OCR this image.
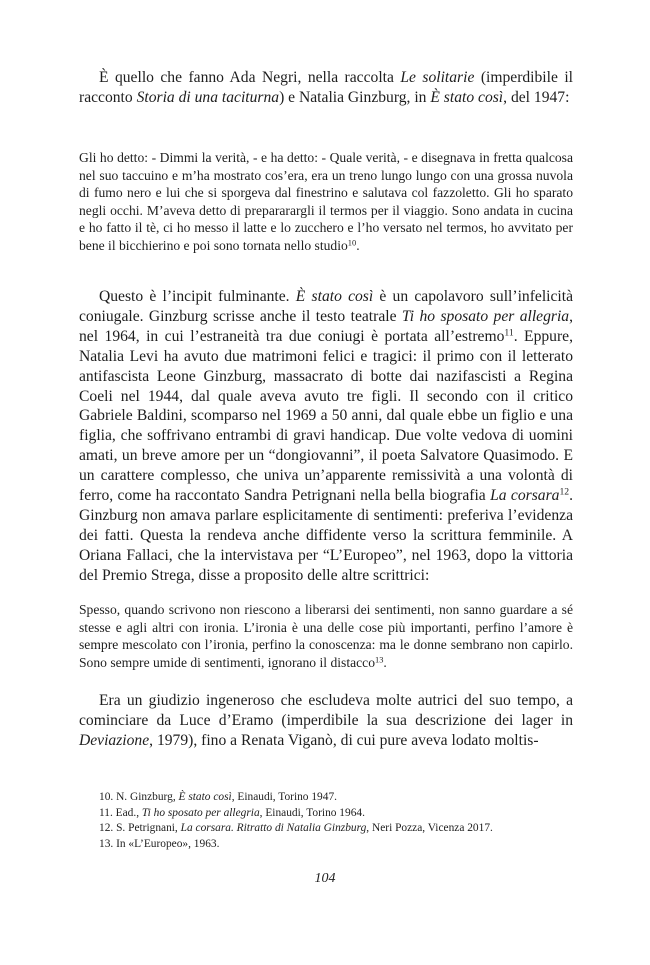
È quello che fanno Ada Negri, nella raccolta Le solitarie (imperdibile il racconto Storia di una taciturna) e Natalia Ginzburg, in È stato così, del 1947:

Gli ho detto: - Dimmi la verità, - e ha detto: - Quale verità, - e disegnava in fretta qualcosa nel suo taccuino e m’ha mostrato cos’era, era un treno lungo lungo con una grossa nuvola di fumo nero e lui che si sporgeva dal finestrino e salutava col fazzoletto. Gli ho sparato negli occhi. M’aveva detto di prepararargli il termos per il viaggio. Sono andata in cucina e ho fatto il tè, ci ho messo il latte e lo zucchero e l’ho versato nel termos, ho avvitato per bene il bicchierino e poi sono tornata nello studio$^{10}$.

Questo è l’incipit fulminante. È stato così è un capolavoro sull’infelicità coniugale. Ginzburg scrisse anche il testo teatrale Ti ho sposato per allegria, nel 1964, in cui l’estraneità tra due coniugi è portata all’estremo$^{11}$. Eppure, Natalia Levi ha avuto due matrimoni felici e tragici: il primo con il letterato antifascista Leone Ginzburg, massacrato di botte dai nazifascisti a Regina Coeli nel 1944, dal quale aveva avuto tre figli. Il secondo con il critico Gabriele Baldini, scomparso nel 1969 a 50 anni, dal quale ebbe un figlio e una figlia, che soffrivano entrambi di gravi handicap. Due volte vedova di uomini amati, un breve amore per un “dongiovanni”, il poeta Salvatore Quasimodo. E un carattere complesso, che univa un’apparente remissività a una volontà di ferro, come ha raccontato Sandra Petrignani nella bella biografia La corsara$^{12}$. Ginzburg non amava parlare esplicitamente di sentimenti: preferiva l’evidenza dei fatti. Questa la rendeva anche diffidente verso la scrittura femminile. A Oriana Fallaci, che la intervistava per “L’Europeo”, nel 1963, dopo la vittoria del Premio Strega, disse a proposito delle altre scrittrici:

Spesso, quando scrivono non riescono a liberarsi dei sentimenti, non sanno guardare a sé stesse e agli altri con ironia. L’ironia è una delle cose più importanti, perfino l’amore è sempre mescolato con l’ironia, perfino la conoscenza: ma le donne sembrano non capirlo. Sono sempre umide di sentimenti, ignorano il distacco$^{13}$.

Era un giudizio ingeneroso che escludeva molte autrici del suo tempo, a cominciare da Luce d’Eramo (imperdibile la sua descrizione dei lager in Deviazione, 1979), fino a Renata Viganò, di cui pure aveva lodato moltis-

10. N. Ginzburg, È stato così, Einaudi, Torino 1947.
11. Ead., Ti ho sposato per allegria, Einaudi, Torino 1964.
12. S. Petrignani, La corsara. Ritratto di Natalia Ginzburg, Neri Pozza, Vicenza 2017.
13. In «L’Europeo», 1963.
104
